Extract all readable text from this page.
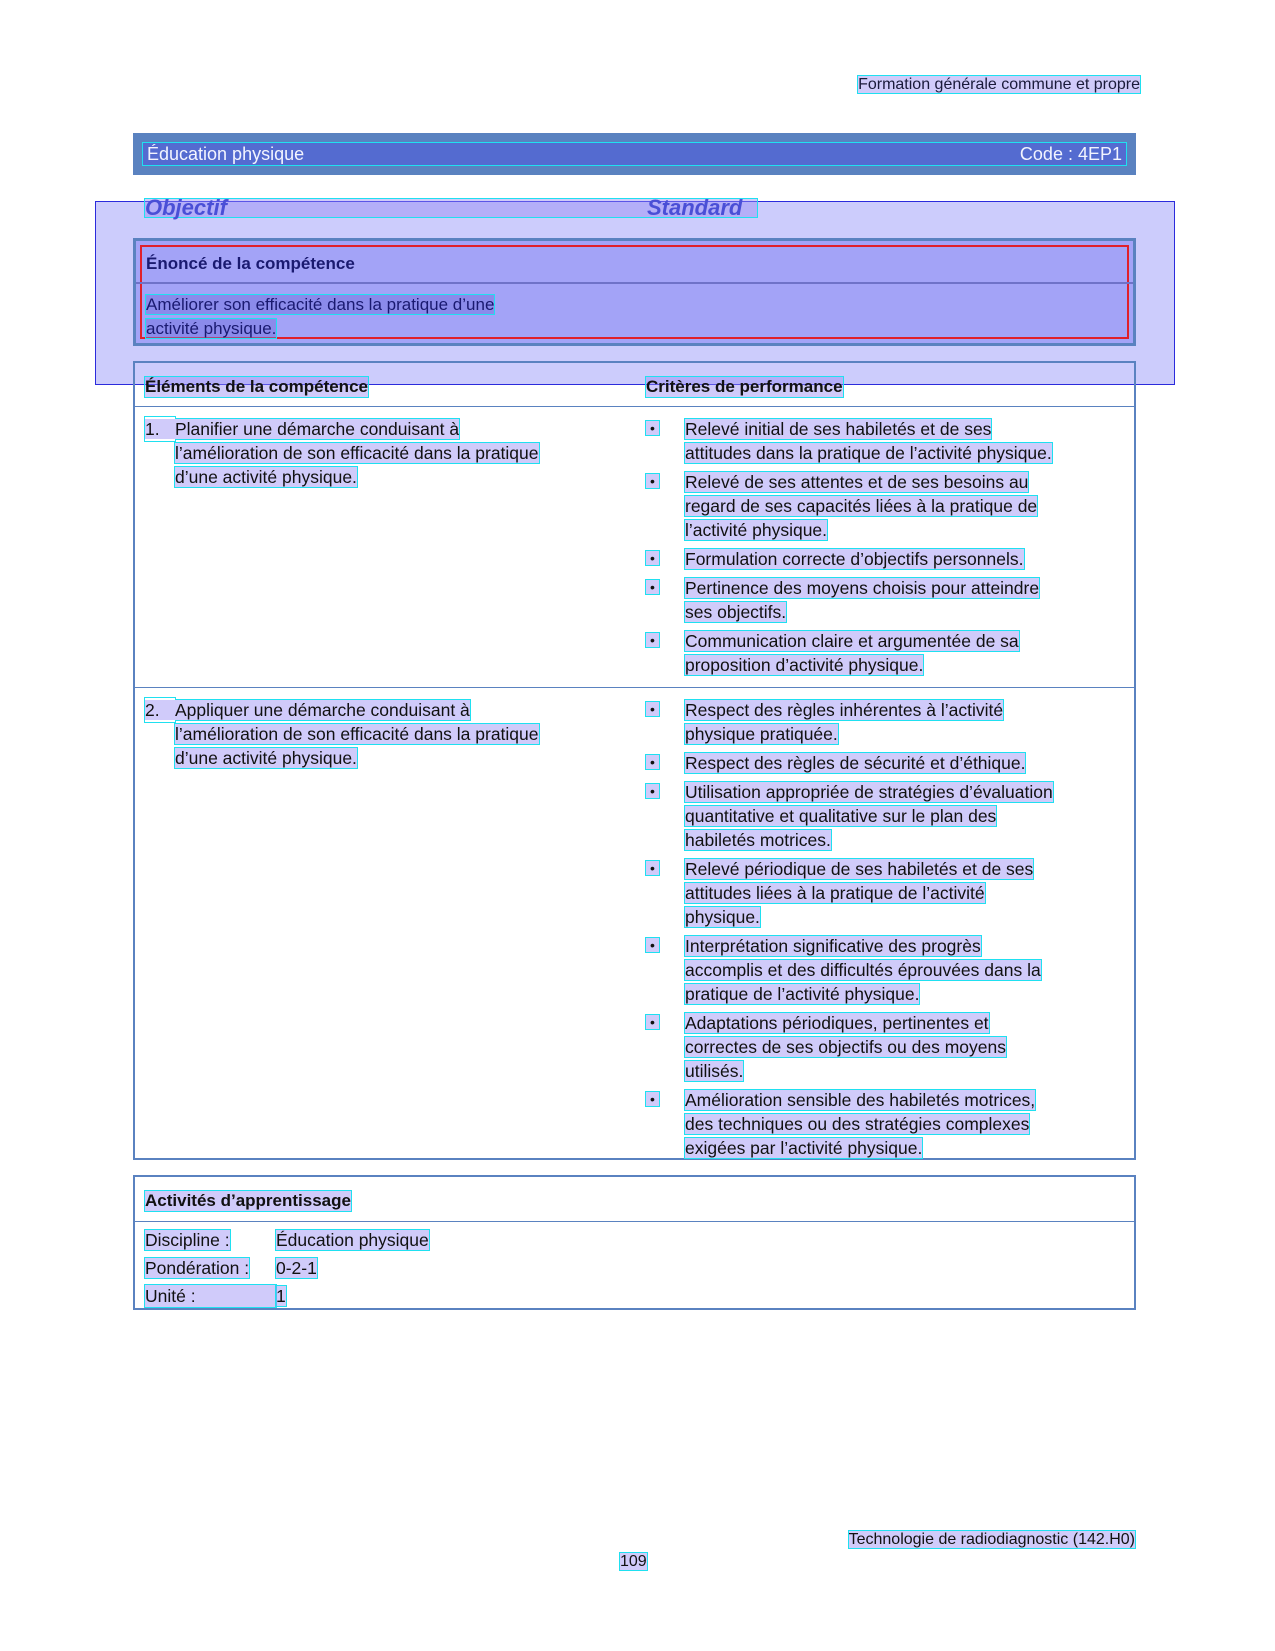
Formation générale commune et propre
Éducation physique	Code : 4EP1
Objectif	Standard
Énoncé de la compétence
Améliorer son efficacité dans la pratique d’une
activité physique.
Éléments de la compétence	Critères de performance
1. Planifier une démarche conduisant à
l’amélioration de son efficacité dans la pratique
d’une activité physique.
• Relevé initial de ses habiletés et de ses
attitudes dans la pratique de l’activité physique.
• Relevé de ses attentes et de ses besoins au
regard de ses capacités liées à la pratique de
l’activité physique.
• Formulation correcte d’objectifs personnels.
• Pertinence des moyens choisis pour atteindre
ses objectifs.
• Communication claire et argumentée de sa
proposition d’activité physique.
2. Appliquer une démarche conduisant à
l’amélioration de son efficacité dans la pratique
d’une activité physique.
• Respect des règles inhérentes à l’activité
physique pratiquée.
• Respect des règles de sécurité et d’éthique.
• Utilisation appropriée de stratégies d’évaluation
quantitative et qualitative sur le plan des
habiletés motrices.
• Relevé périodique de ses habiletés et de ses
attitudes liées à la pratique de l’activité
physique.
• Interprétation significative des progrès
accomplis et des difficultés éprouvées dans la
pratique de l’activité physique.
• Adaptations périodiques, pertinentes et
correctes de ses objectifs ou des moyens
utilisés.
• Amélioration sensible des habiletés motrices,
des techniques ou des stratégies complexes
exigées par l’activité physique.
Activités d’apprentissage
Discipline :	Éducation physique
Pondération : 0-2-1
Unité :	1
Technologie de radiodiagnostic (142.H0)
109
